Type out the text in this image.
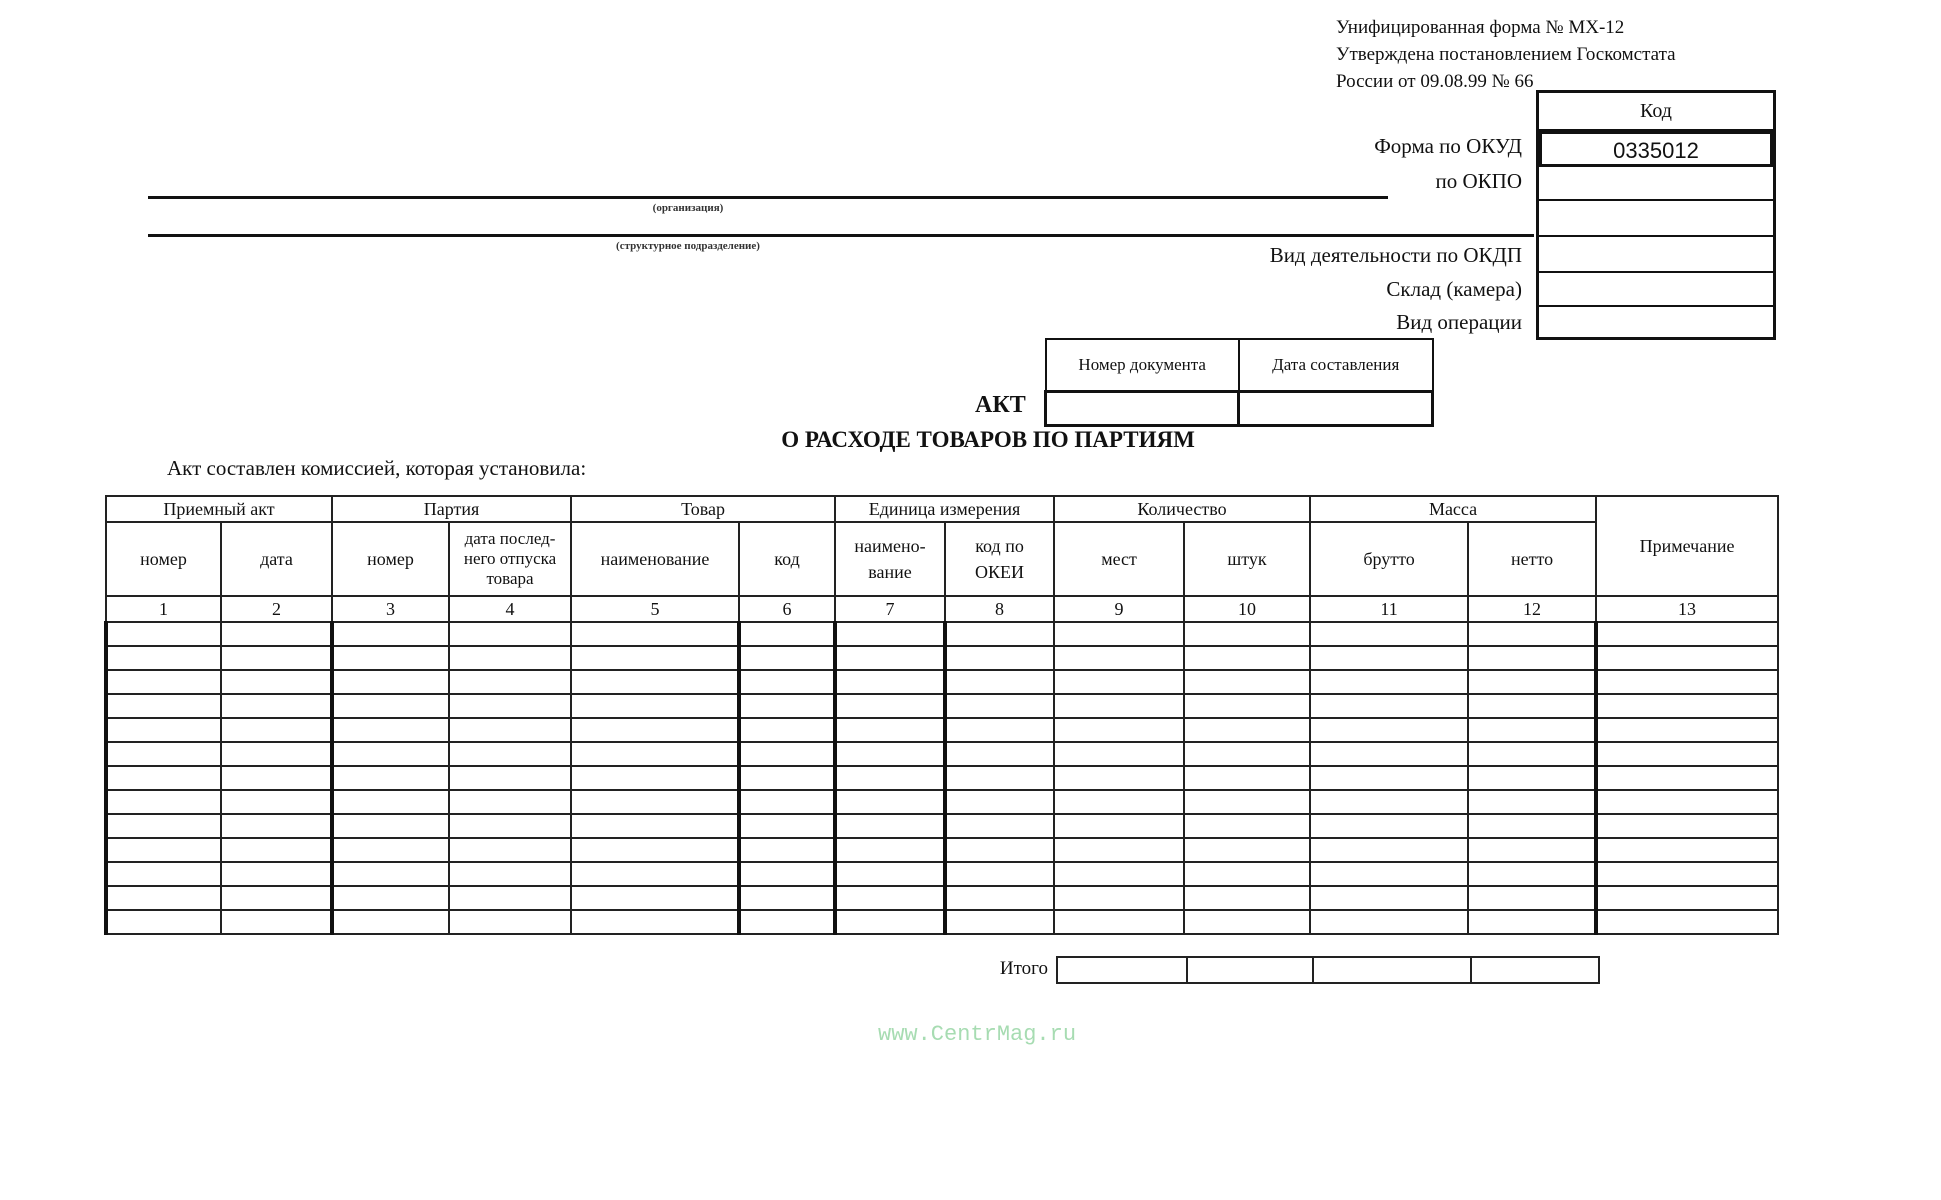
Унифицированная форма № МХ-12
Утверждена постановлением Госкомстата
России от 09.08.99 № 66
Код
0335012
Форма по ОКУД
по ОКПО
Вид деятельности по ОКДП
Склад (камера)
Вид операции
(организация)
(структурное подразделение)
Номер документа	Дата составления

АКТ
О РАСХОДЕ ТОВАРОВ ПО ПАРТИЯМ
Акт составлен комиссией, которая установила:
Приемный акт		Партия		Товар		Единица измерения		Количество		Масса		Примечание
номер	дата	номер	дата послед-него отпуска товара	наименование	код	наимено-вание	код по ОКЕИ	мест	штук	брутто	нетто	
1	2	3	4	5	6	7	8	9	10	11	12	13

Итого

www.CentrMag.ru
